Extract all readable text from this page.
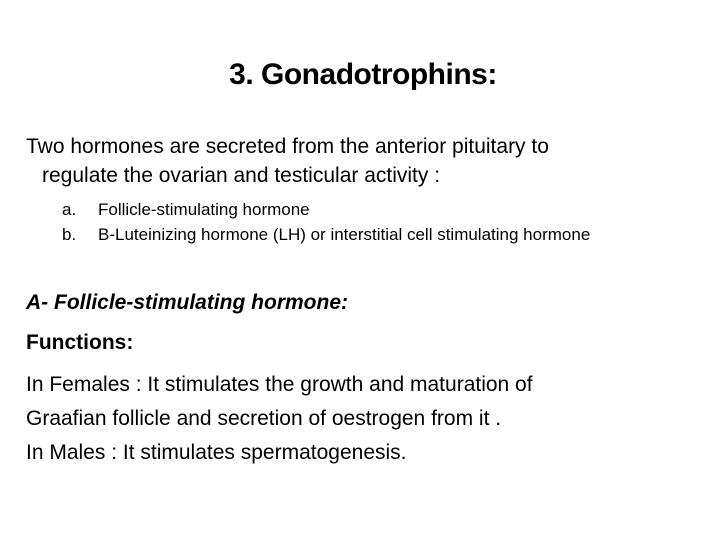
3. Gonadotrophins:

Two hormones are secreted from the anterior pituitary to
regulate the ovarian and testicular activity :

a. Follicle-stimulating hormone
b. B-Luteinizing hormone (LH) or interstitial cell stimulating hormone
A- Follicle-stimulating hormone:
Functions:

In Females : It stimulates the growth and maturation of
Graafian follicle and secretion of oestrogen from it .
In Males : It stimulates spermatogenesis.
